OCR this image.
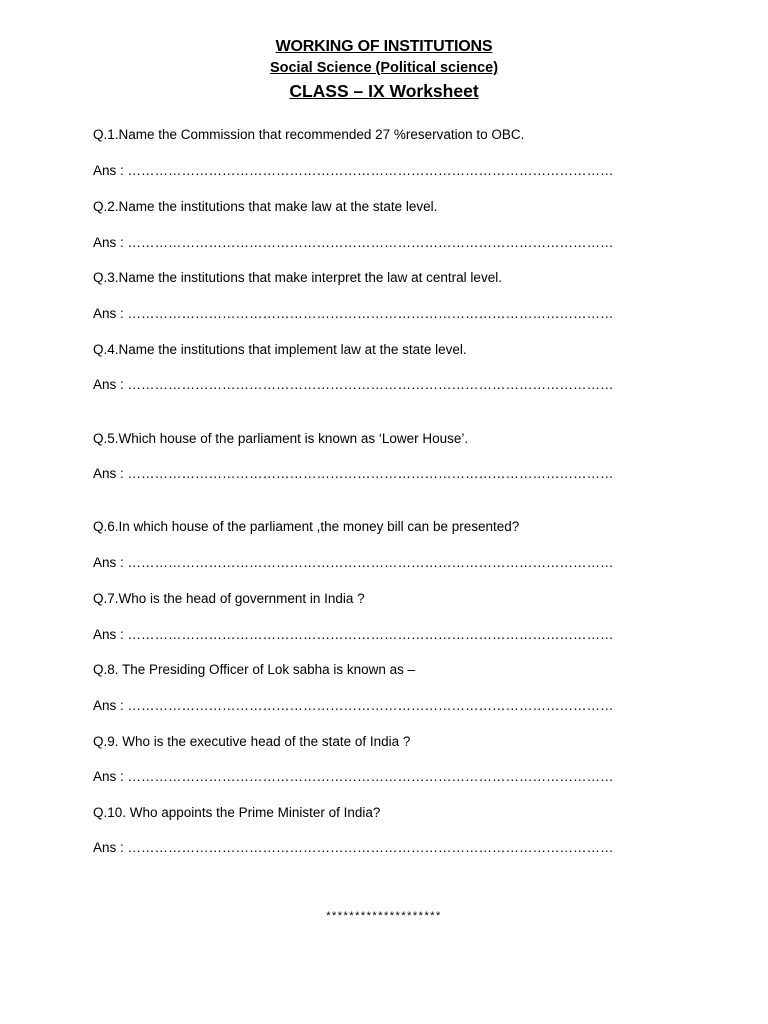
WORKING OF INSTITUTIONS
Social Science (Political science)
CLASS – IX Worksheet
Q.1.Name the Commission that recommended 27 %reservation to OBC.
Ans : ………………………………………………………………………………………………
Q.2.Name the institutions that make law at the state level.
Ans : ………………………………………………………………………………………………
Q.3.Name the institutions that make interpret the law at central level.
Ans : ………………………………………………………………………………………………
Q.4.Name the institutions that implement law at the state level.
Ans : ………………………………………………………………………………………………
Q.5.Which house of the parliament is known as ‘Lower House’.
Ans : ………………………………………………………………………………………………
Q.6.In which house of the parliament ,the money bill can be presented?
Ans : ………………………………………………………………………………………………
Q.7.Who is the head of government in India ?
Ans : ………………………………………………………………………………………………
Q.8. The Presiding Officer of Lok sabha is known as –
Ans : ………………………………………………………………………………………………
Q.9. Who is the executive head of the state of India ?
Ans : ………………………………………………………………………………………………
Q.10. Who appoints the Prime Minister of India?
Ans : ………………………………………………………………………………………………
********************
